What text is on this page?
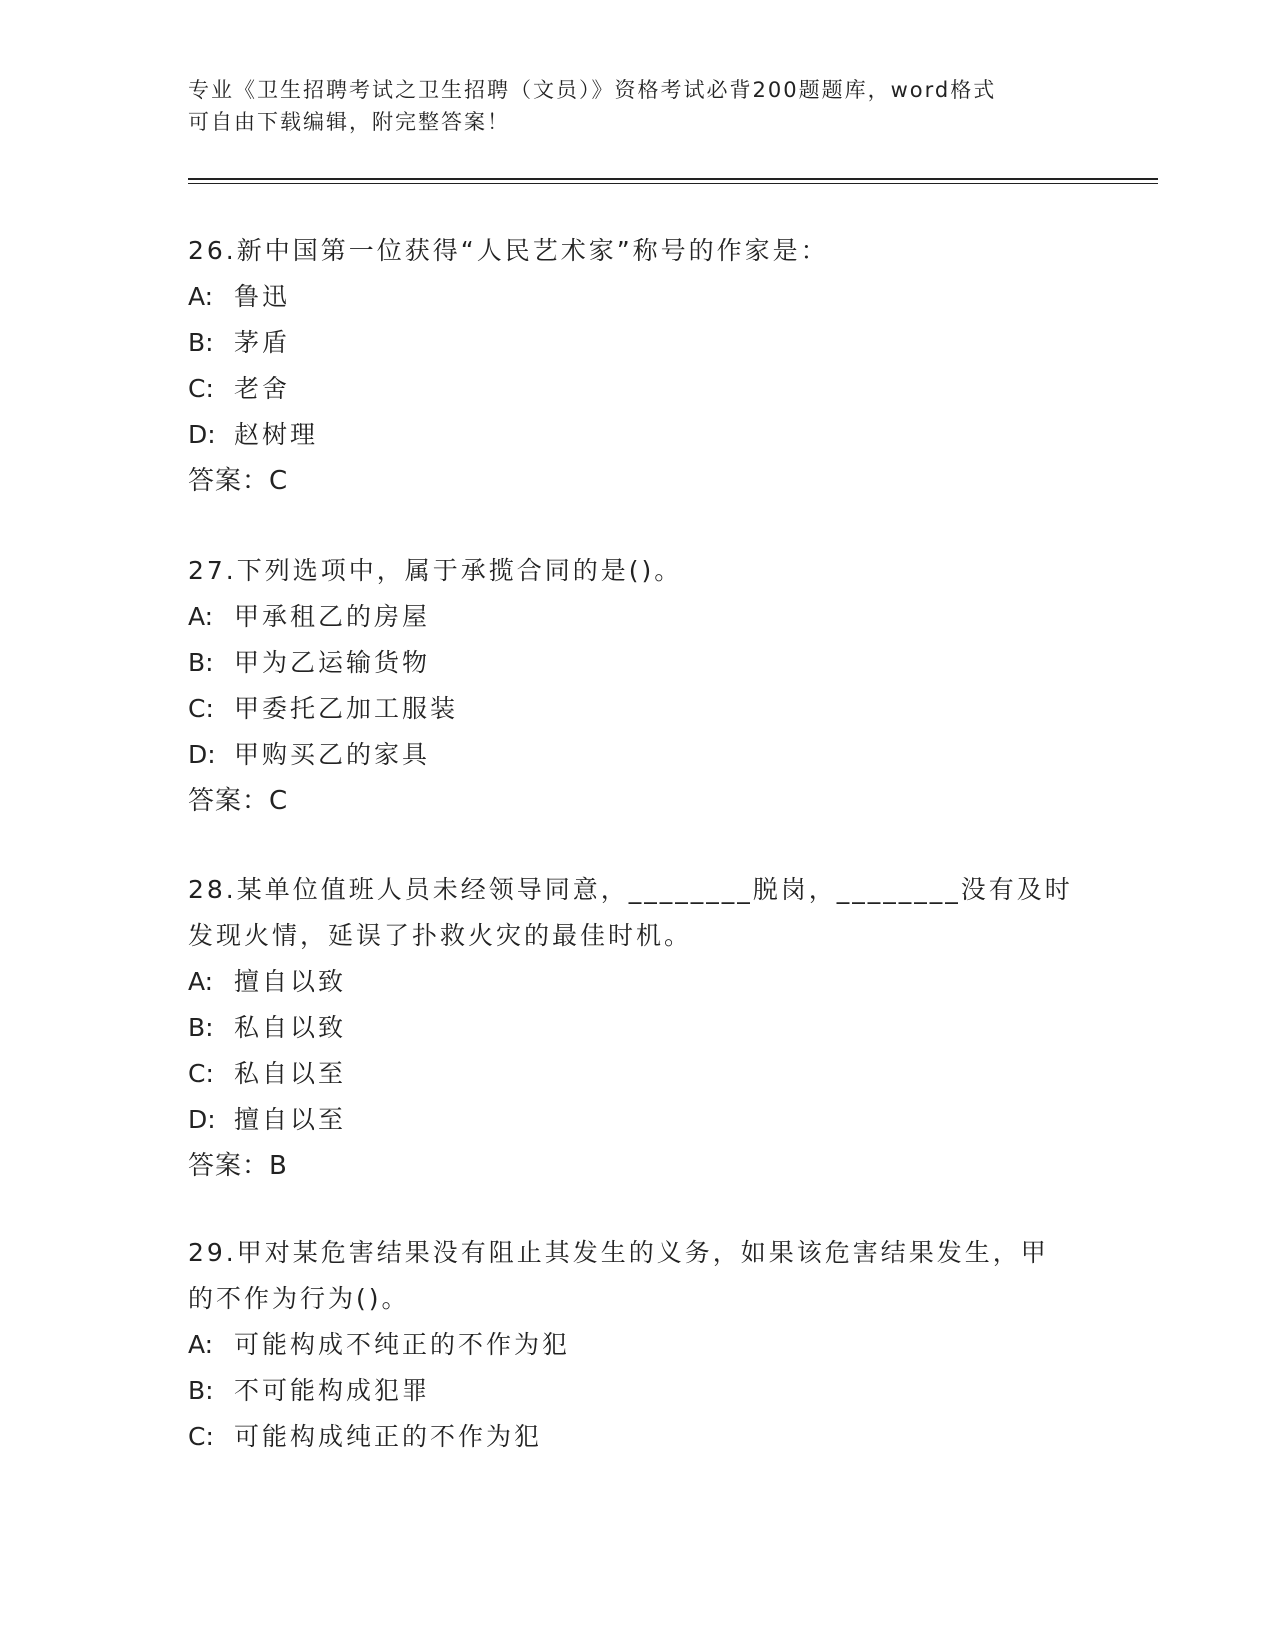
专业《卫生招聘考试之卫生招聘（文员）》资格考试必背200题题库，word格式
可自由下载编辑，附完整答案！
26.新中国第一位获得“人民艺术家”称号的作家是：
A: 鲁迅
B: 茅盾
C: 老舍
D: 赵树理
答案：C
27.下列选项中，属于承揽合同的是()。
A: 甲承租乙的房屋
B: 甲为乙运输货物
C: 甲委托乙加工服装
D: 甲购买乙的家具
答案：C
28.某单位值班人员未经领导同意，________脱岗，________没有及时
发现火情，延误了扑救火灾的最佳时机。
A: 擅自以致
B: 私自以致
C: 私自以至
D: 擅自以至
答案：B
29.甲对某危害结果没有阻止其发生的义务，如果该危害结果发生，甲
的不作为行为()。
A: 可能构成不纯正的不作为犯
B: 不可能构成犯罪
C: 可能构成纯正的不作为犯
